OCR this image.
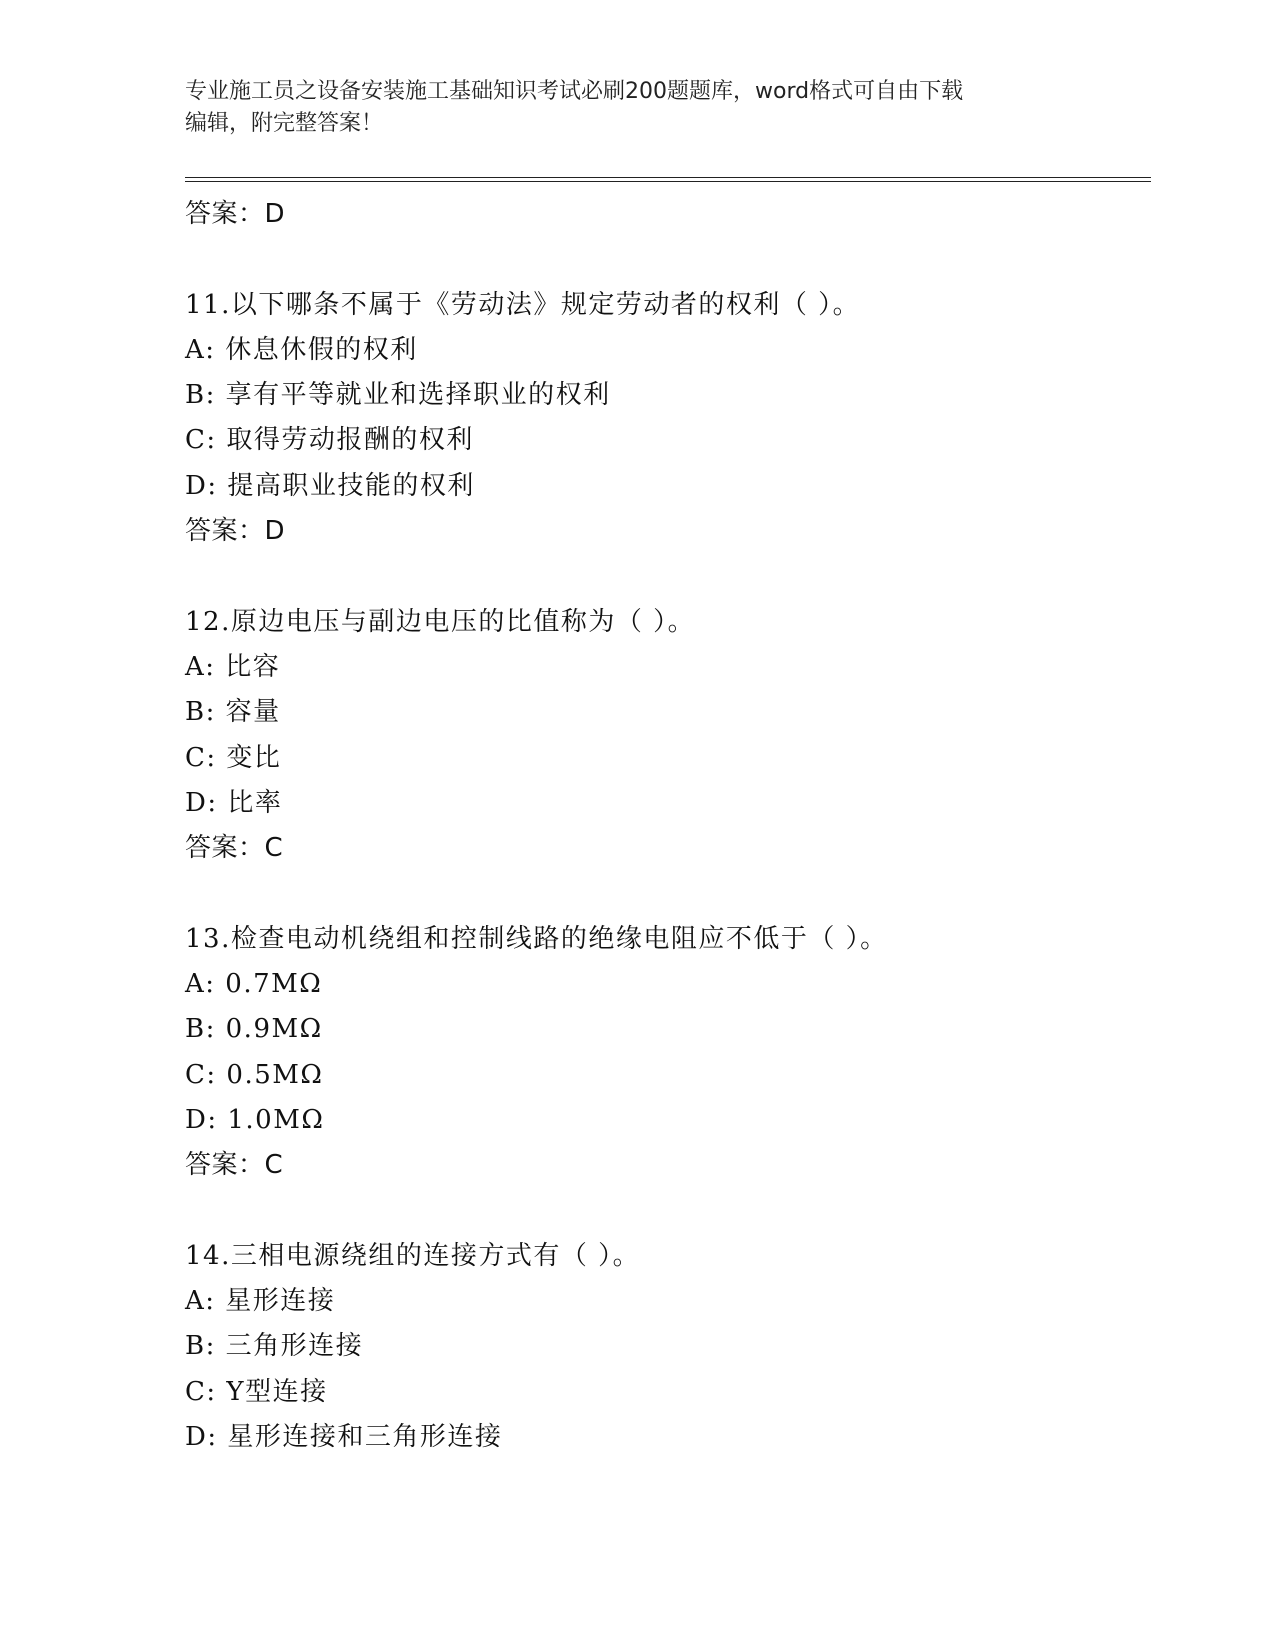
专业施工员之设备安装施工基础知识考试必刷200题题库，word格式可自由下载
编辑，附完整答案！
答案：D
11.以下哪条不属于《劳动法》规定劳动者的权利（ ）。
A: 休息休假的权利
B: 享有平等就业和选择职业的权利
C: 取得劳动报酬的权利
D: 提高职业技能的权利
答案：D
12.原边电压与副边电压的比值称为（ ）。
A: 比容
B: 容量
C: 变比
D: 比率
答案：C
13.检查电动机绕组和控制线路的绝缘电阻应不低于（ ）。
A: 0.7MΩ
B: 0.9MΩ
C: 0.5MΩ
D: 1.0MΩ
答案：C
14.三相电源绕组的连接方式有（ ）。
A: 星形连接
B: 三角形连接
C: Y型连接
D: 星形连接和三角形连接
